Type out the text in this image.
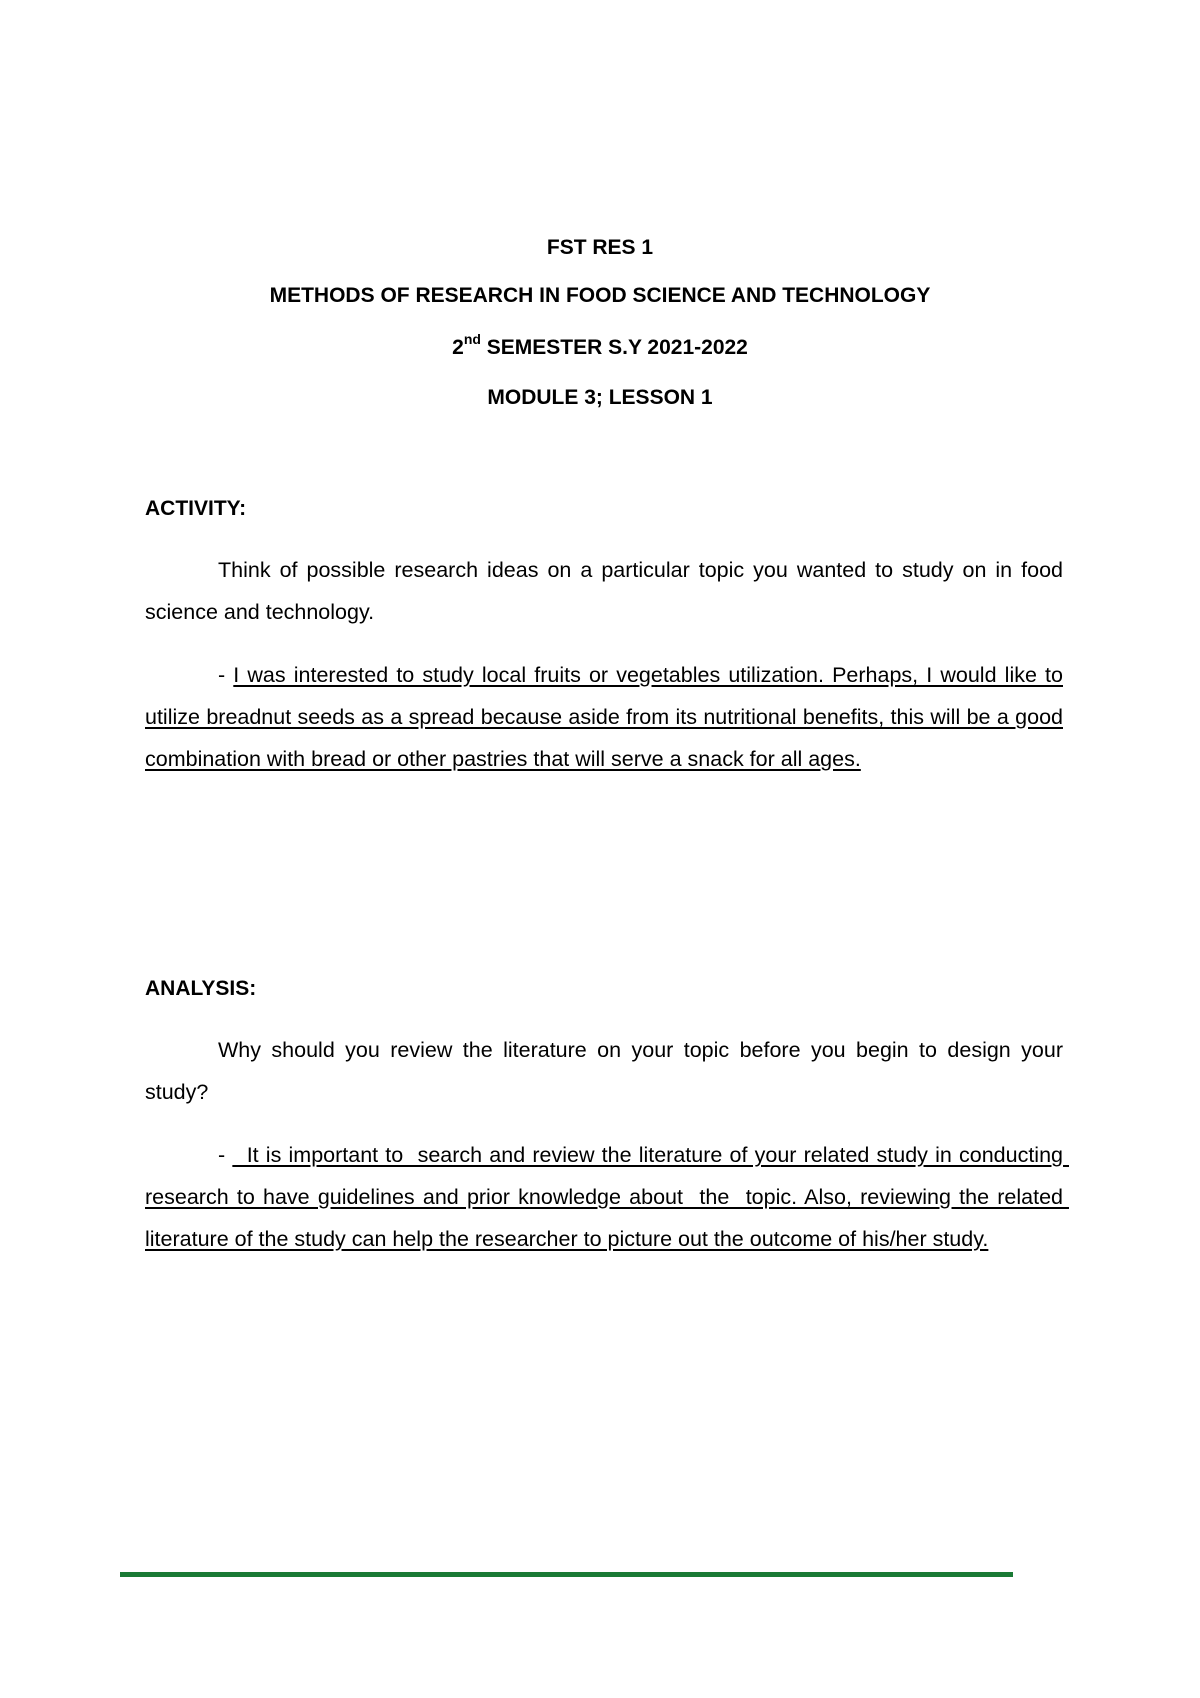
FST RES 1
METHODS OF RESEARCH IN FOOD SCIENCE AND TECHNOLOGY
2nd SEMESTER S.Y 2021-2022
MODULE 3; LESSON 1
ACTIVITY:
Think of possible research ideas on a particular topic you wanted to study on in food science and technology.
- I was interested to study local fruits or vegetables utilization. Perhaps, I would like to utilize breadnut seeds as a spread because aside from its nutritional benefits, this will be a good combination with bread or other pastries that will serve a snack for all ages.
ANALYSIS:
Why should you review the literature on your topic before you begin to design your study?
-   It is important to  search and review the literature of your related study in conducting research to have guidelines and prior knowledge about  the  topic. Also, reviewing the related literature of the study can help the researcher to picture out the outcome of his/her study.
